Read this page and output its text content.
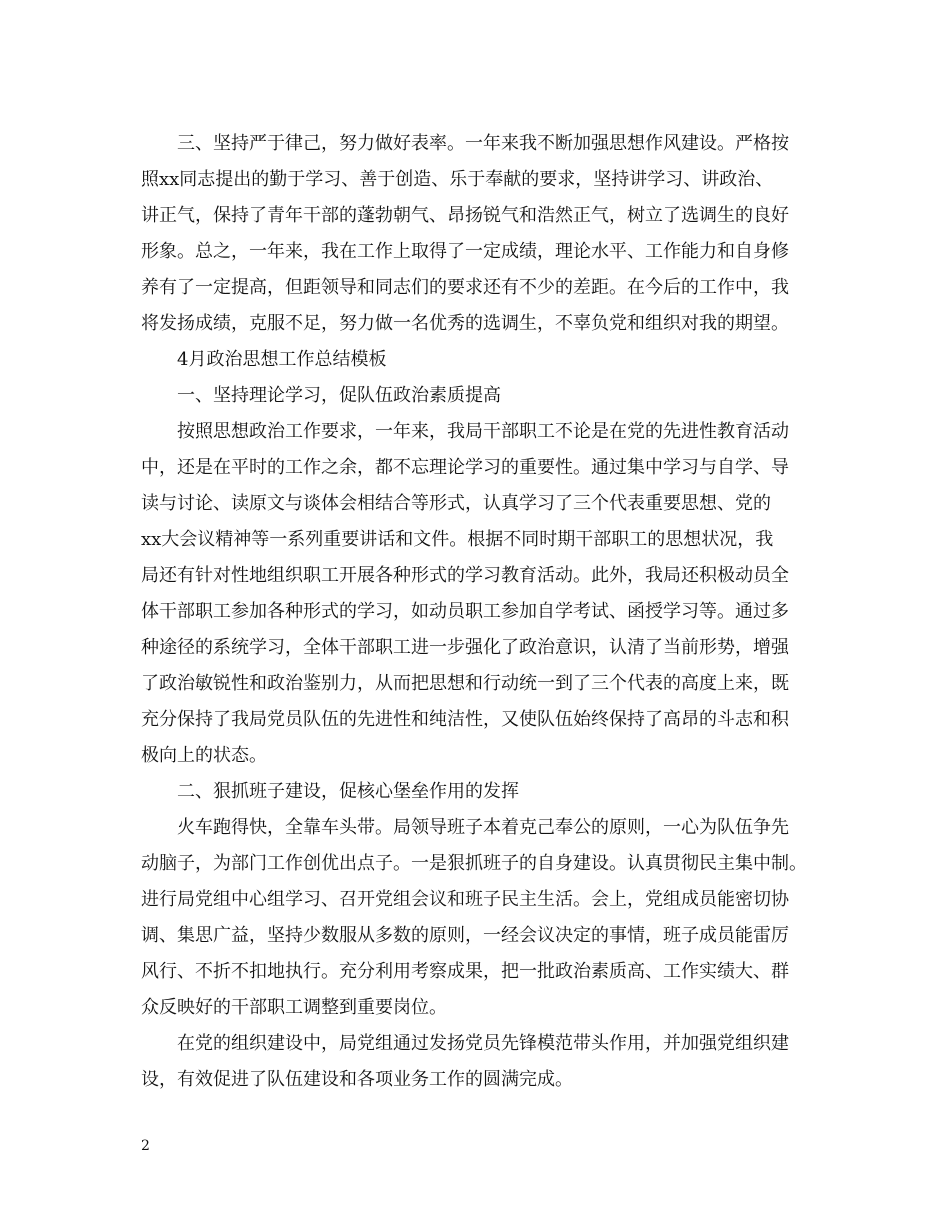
三、坚持严于律己，努力做好表率。一年来我不断加强思想作风建设。严格按
照xx同志提出的勤于学习、善于创造、乐于奉献的要求，坚持讲学习、讲政治、
讲正气，保持了青年干部的蓬勃朝气、昂扬锐气和浩然正气，树立了选调生的良好
形象。总之，一年来，我在工作上取得了一定成绩，理论水平、工作能力和自身修
养有了一定提高，但距领导和同志们的要求还有不少的差距。在今后的工作中，我
将发扬成绩，克服不足，努力做一名优秀的选调生，不辜负党和组织对我的期望。
4月政治思想工作总结模板
一、坚持理论学习，促队伍政治素质提高
按照思想政治工作要求，一年来，我局干部职工不论是在党的先进性教育活动
中，还是在平时的工作之余，都不忘理论学习的重要性。通过集中学习与自学、导
读与讨论、读原文与谈体会相结合等形式，认真学习了三个代表重要思想、党的
xx大会议精神等一系列重要讲话和文件。根据不同时期干部职工的思想状况，我
局还有针对性地组织职工开展各种形式的学习教育活动。此外，我局还积极动员全
体干部职工参加各种形式的学习，如动员职工参加自学考试、函授学习等。通过多
种途径的系统学习，全体干部职工进一步强化了政治意识，认清了当前形势，增强
了政治敏锐性和政治鉴别力，从而把思想和行动统一到了三个代表的高度上来，既
充分保持了我局党员队伍的先进性和纯洁性，又使队伍始终保持了高昂的斗志和积
极向上的状态。
二、狠抓班子建设，促核心堡垒作用的发挥
火车跑得快，全靠车头带。局领导班子本着克己奉公的原则，一心为队伍争先
动脑子，为部门工作创优出点子。一是狠抓班子的自身建设。认真贯彻民主集中制。
进行局党组中心组学习、召开党组会议和班子民主生活。会上，党组成员能密切协
调、集思广益，坚持少数服从多数的原则，一经会议决定的事情，班子成员能雷厉
风行、不折不扣地执行。充分利用考察成果，把一批政治素质高、工作实绩大、群
众反映好的干部职工调整到重要岗位。
在党的组织建设中，局党组通过发扬党员先锋模范带头作用，并加强党组织建
设，有效促进了队伍建设和各项业务工作的圆满完成。
2
